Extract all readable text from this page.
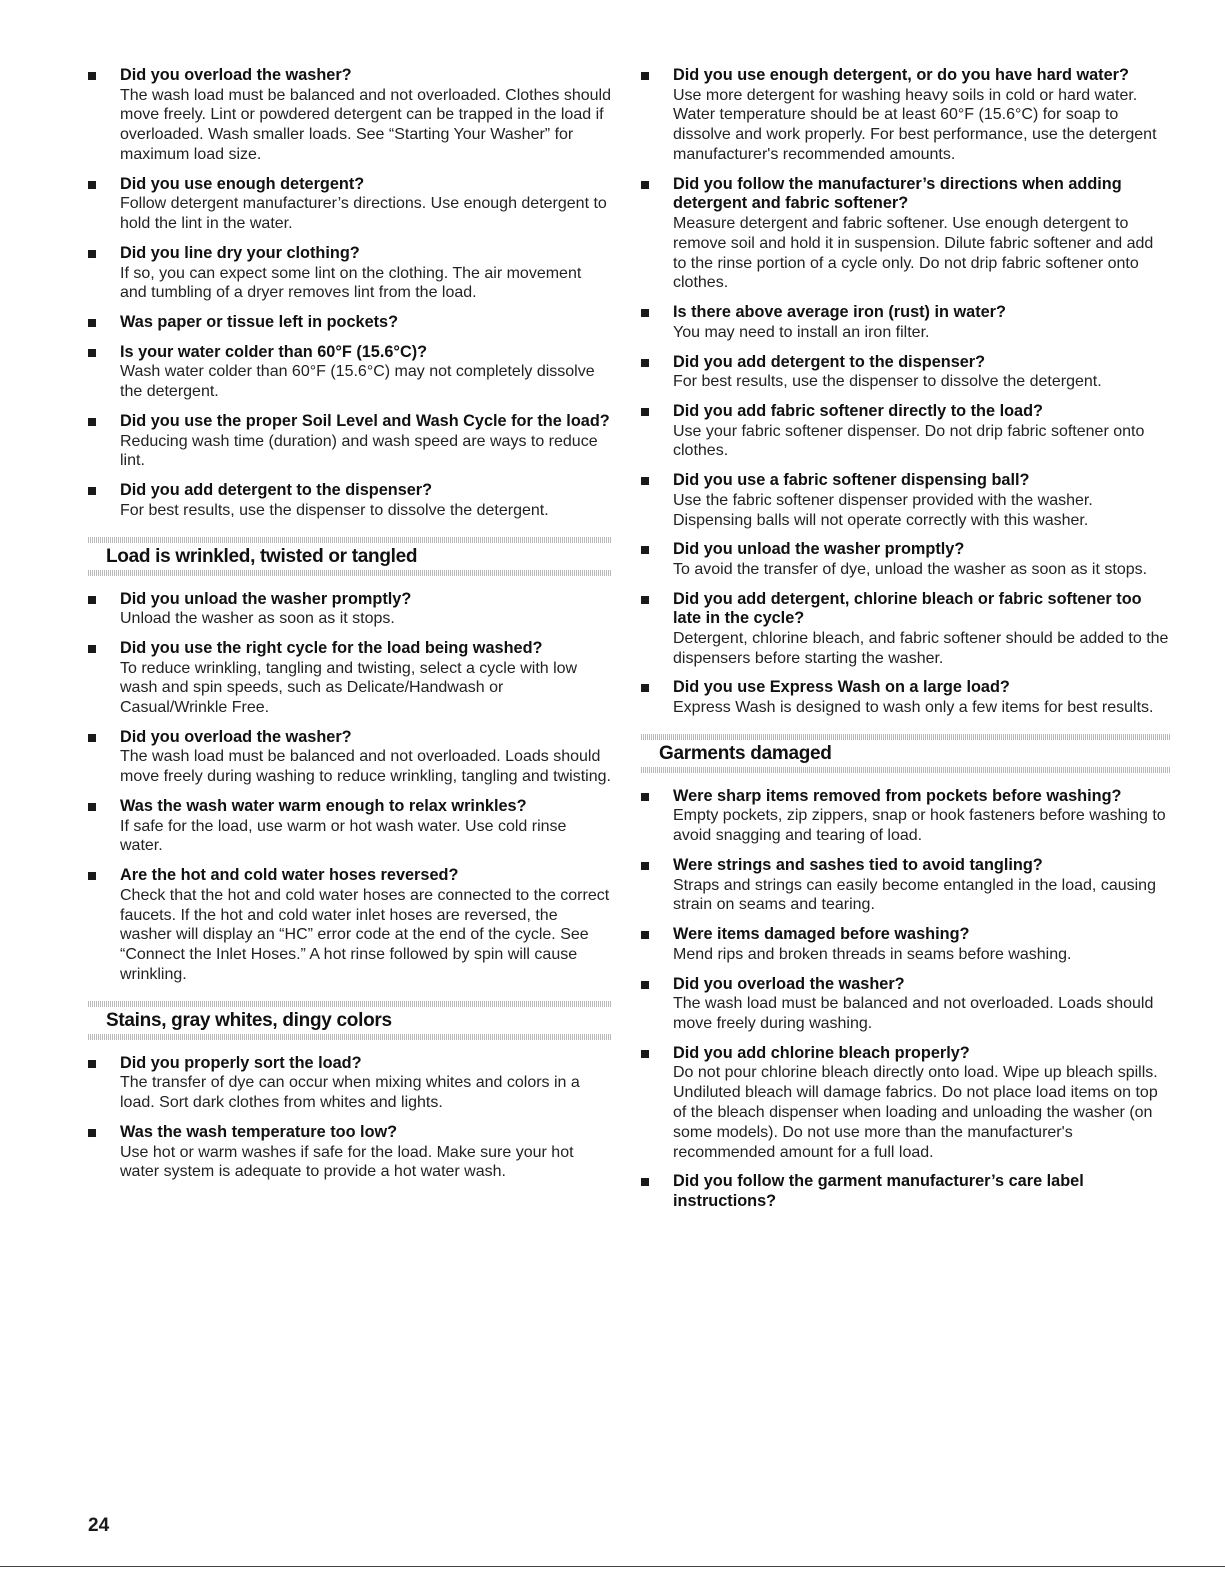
Did you overload the washer?
The wash load must be balanced and not overloaded. Clothes should move freely. Lint or powdered detergent can be trapped in the load if overloaded. Wash smaller loads. See “Starting Your Washer” for maximum load size.
Did you use enough detergent?
Follow detergent manufacturer’s directions. Use enough detergent to hold the lint in the water.
Did you line dry your clothing?
If so, you can expect some lint on the clothing. The air movement and tumbling of a dryer removes lint from the load.
Was paper or tissue left in pockets?
Is your water colder than 60°F (15.6°C)?
Wash water colder than 60°F (15.6°C) may not completely dissolve the detergent.
Did you use the proper Soil Level and Wash Cycle for the load?
Reducing wash time (duration) and wash speed are ways to reduce lint.
Did you add detergent to the dispenser?
For best results, use the dispenser to dissolve the detergent.
Load is wrinkled, twisted or tangled
Did you unload the washer promptly?
Unload the washer as soon as it stops.
Did you use the right cycle for the load being washed?
To reduce wrinkling, tangling and twisting, select a cycle with low wash and spin speeds, such as Delicate/Handwash or Casual/Wrinkle Free.
Did you overload the washer?
The wash load must be balanced and not overloaded. Loads should move freely during washing to reduce wrinkling, tangling and twisting.
Was the wash water warm enough to relax wrinkles?
If safe for the load, use warm or hot wash water. Use cold rinse water.
Are the hot and cold water hoses reversed?
Check that the hot and cold water hoses are connected to the correct faucets. If the hot and cold water inlet hoses are reversed, the washer will display an “HC” error code at the end of the cycle. See “Connect the Inlet Hoses.” A hot rinse followed by spin will cause wrinkling.
Stains, gray whites, dingy colors
Did you properly sort the load?
The transfer of dye can occur when mixing whites and colors in a load. Sort dark clothes from whites and lights.
Was the wash temperature too low?
Use hot or warm washes if safe for the load. Make sure your hot water system is adequate to provide a hot water wash.
Did you use enough detergent, or do you have hard water?
Use more detergent for washing heavy soils in cold or hard water. Water temperature should be at least 60°F (15.6°C) for soap to dissolve and work properly. For best performance, use the detergent manufacturer's recommended amounts.
Did you follow the manufacturer’s directions when adding detergent and fabric softener?
Measure detergent and fabric softener. Use enough detergent to remove soil and hold it in suspension. Dilute fabric softener and add to the rinse portion of a cycle only. Do not drip fabric softener onto clothes.
Is there above average iron (rust) in water?
You may need to install an iron filter.
Did you add detergent to the dispenser?
For best results, use the dispenser to dissolve the detergent.
Did you add fabric softener directly to the load?
Use your fabric softener dispenser. Do not drip fabric softener onto clothes.
Did you use a fabric softener dispensing ball?
Use the fabric softener dispenser provided with the washer. Dispensing balls will not operate correctly with this washer.
Did you unload the washer promptly?
To avoid the transfer of dye, unload the washer as soon as it stops.
Did you add detergent, chlorine bleach or fabric softener too late in the cycle?
Detergent, chlorine bleach, and fabric softener should be added to the dispensers before starting the washer.
Did you use Express Wash on a large load?
Express Wash is designed to wash only a few items for best results.
Garments damaged
Were sharp items removed from pockets before washing?
Empty pockets, zip zippers, snap or hook fasteners before washing to avoid snagging and tearing of load.
Were strings and sashes tied to avoid tangling?
Straps and strings can easily become entangled in the load, causing strain on seams and tearing.
Were items damaged before washing?
Mend rips and broken threads in seams before washing.
Did you overload the washer?
The wash load must be balanced and not overloaded. Loads should move freely during washing.
Did you add chlorine bleach properly?
Do not pour chlorine bleach directly onto load. Wipe up bleach spills. Undiluted bleach will damage fabrics. Do not place load items on top of the bleach dispenser when loading and unloading the washer (on some models). Do not use more than the manufacturer's recommended amount for a full load.
Did you follow the garment manufacturer’s care label instructions?
24
